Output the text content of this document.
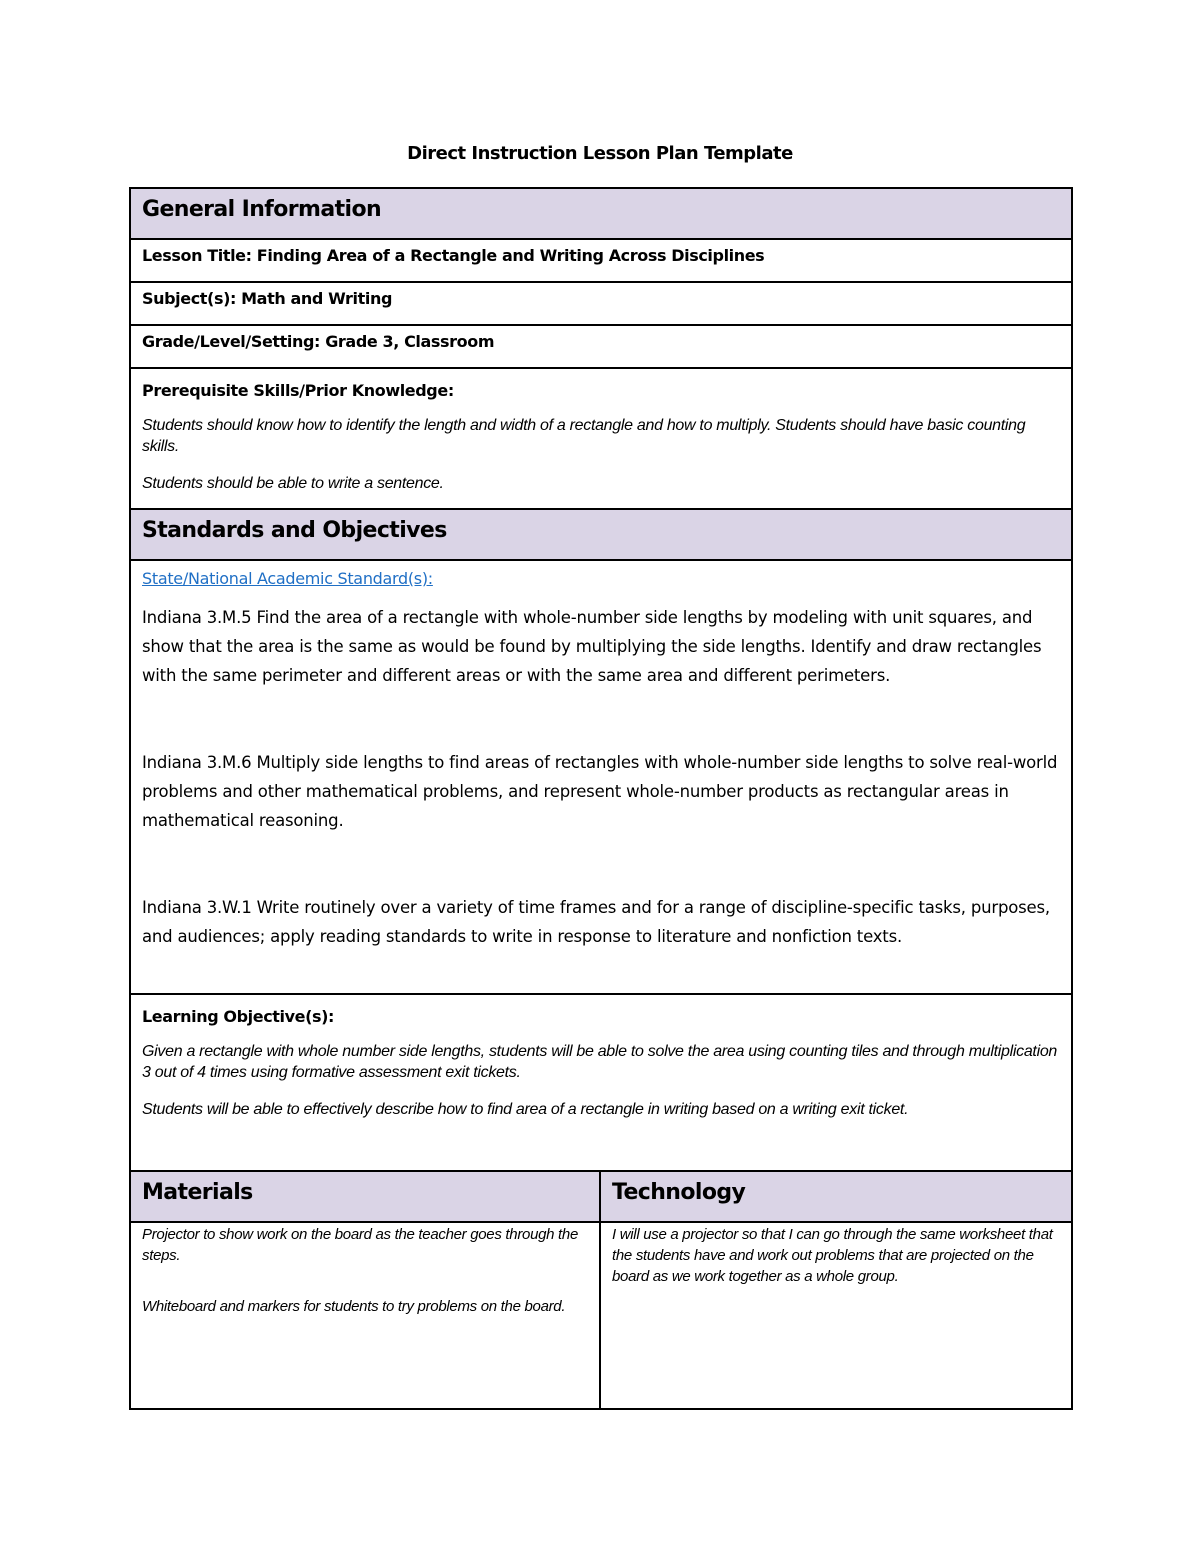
Direct Instruction Lesson Plan Template
General Information	
Lesson Title: Finding Area of a Rectangle and Writing Across Disciplines	
Subject(s): Math and Writing	
Grade/Level/Setting: Grade 3, Classroom	

Prerequisite Skills/Prior Knowledge:

Students should know how to identify the length and width of a rectangle and how to multiply. Students should have basic counting skills.

Students should be able to write a sentence.	

Standards and Objectives	

State/National Academic Standard(s):

Indiana 3.M.5 Find the area of a rectangle with whole-number side lengths by modeling with unit squares, and show that the area is the same as would be found by multiplying the side lengths. Identify and draw rectangles with the same perimeter and different areas or with the same area and different perimeters.

Indiana 3.M.6 Multiply side lengths to find areas of rectangles with whole-number side lengths to solve real-world problems and other mathematical problems, and represent whole-number products as rectangular areas in mathematical reasoning.

Indiana 3.W.1 Write routinely over a variety of time frames and for a range of discipline-specific tasks, purposes, and audiences; apply reading standards to write in response to literature and nonfiction texts.	

Learning Objective(s):

Given a rectangle with whole number side lengths, students will be able to solve the area using counting tiles and through multiplication 3 out of 4 times using formative assessment exit tickets.

Students will be able to effectively describe how to find area of a rectangle in writing based on a writing exit ticket.	

Materials	Technology

Projector to show work on the board as the teacher goes through the steps.

Whiteboard and markers for students to try problems on the board.	I will use a projector so that I can go through the same worksheet that the students have and work out problems that are projected on the board as we work together as a whole group.
